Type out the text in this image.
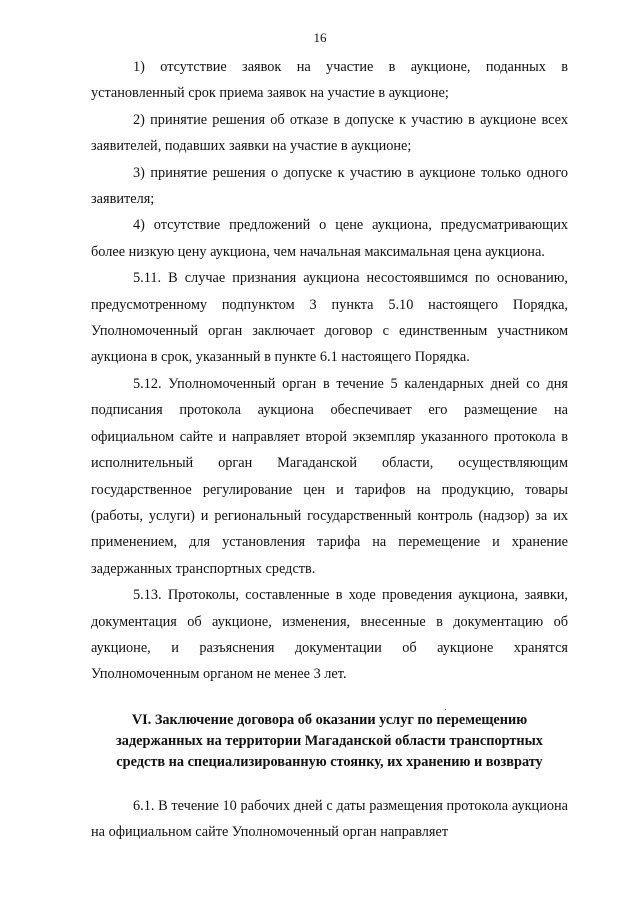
16

1) отсутствие заявок на участие в аукционе, поданных в установленный срок приема заявок на участие в аукционе;

2) принятие решения об отказе в допуске к участию в аукционе всех заявителей, подавших заявки на участие в аукционе;

3) принятие решения о допуске к участию в аукционе только одного заявителя;

4) отсутствие предложений о цене аукциона, предусматривающих более низкую цену аукциона, чем начальная максимальная цена аукциона.

5.11. В случае признания аукциона несостоявшимся по основанию, предусмотренному подпунктом 3 пункта 5.10 настоящего Порядка, Уполномоченный орган заключает договор с единственным участником аукциона в срок, указанный в пункте 6.1 настоящего Порядка.

5.12. Уполномоченный орган в течение 5 календарных дней со дня подписания протокола аукциона обеспечивает его размещение на официальном сайте и направляет второй экземпляр указанного протокола в исполнительный орган Магаданской области, осуществляющим государственное регулирование цен и тарифов на продукцию, товары (работы, услуги) и региональный государственный контроль (надзор) за их применением, для установления тарифа на перемещение и хранение задержанных транспортных средств.

5.13. Протоколы, составленные в ходе проведения аукциона, заявки, документация об аукционе, изменения, внесенные в документацию об аукционе, и разъяснения документации об аукционе хранятся Уполномоченным органом не менее 3 лет.

VI. Заключение договора об оказании услуг по перемещению задержанных на территории Магаданской области транспортных средств на специализированную стоянку, их хранению и возврату

6.1. В течение 10 рабочих дней с даты размещения протокола аукциона на официальном сайте Уполномоченный орган направляет
